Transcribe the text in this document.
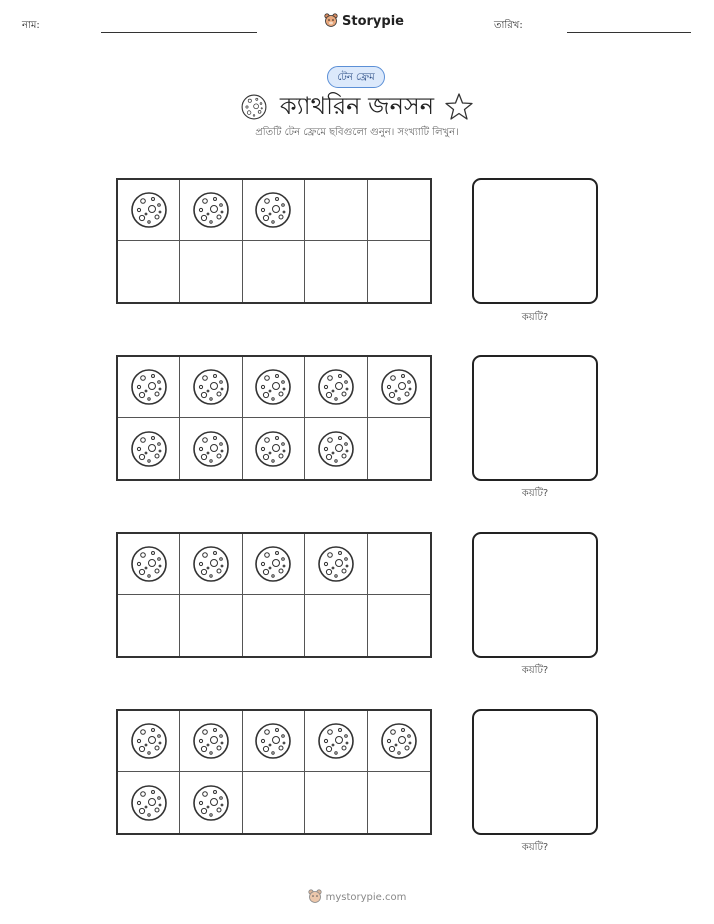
নাম:	Storypie	তারিখ:
টেন ফ্রেম
ক্যাথরিন জনসন
প্রতিটি টেন ফ্রেমে ছবিগুলো গুনুন। সংখ্যাটি লিখুন।
কয়টি?
কয়টি?
কয়টি?
কয়টি?
mystorypie.com
